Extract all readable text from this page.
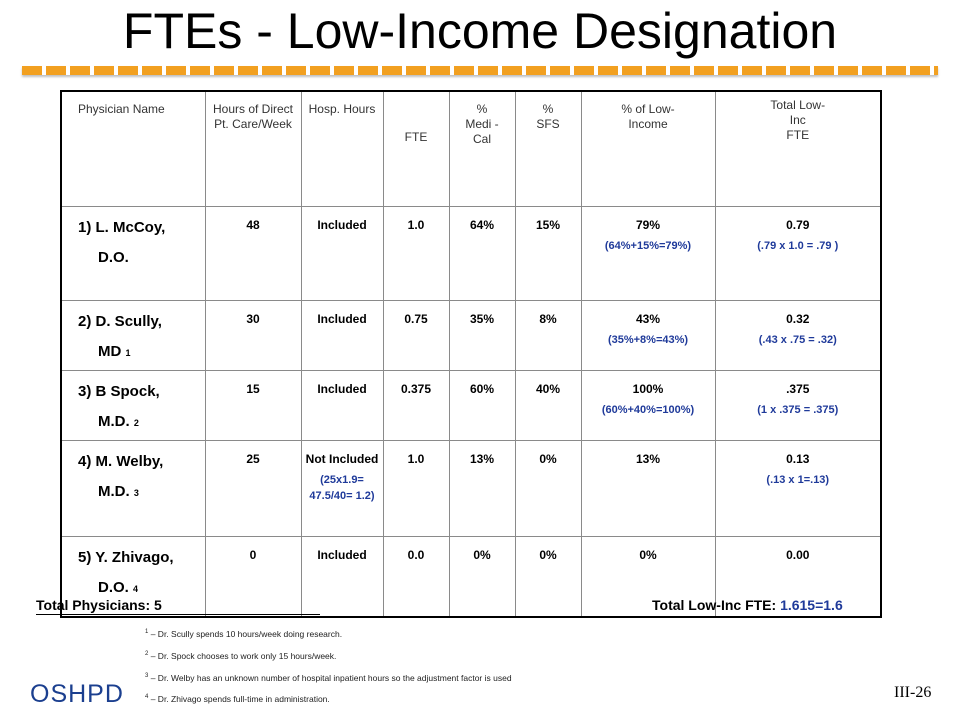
FTEs - Low-Income Designation
Physician Name	Hours of Direct Pt. Care/Week	Hosp. Hours	FTE	%
Medi -
Cal	%
SFS	% of Low-
Income	Total Low-
Inc
FTE
1) L. McCoy,
D.O.	48	Included	1.0	64%	15%	79%
(64%+15%=79%)	0.79
(.79 x 1.0 = .79 )

2) D. Scully,
MD 1	30	Included	0.75	35%	8%	43%
(35%+8%=43%)	0.32
(.43 x .75 = .32)

3) B Spock,
M.D. 2	15	Included	0.375	60%	40%	100%
(60%+40%=100%)	.375
(1 x .375 = .375)

4) M. Welby,
M.D. 3	25	Not Included
(25x1.9= 47.5/40= 1.2)	1.0	13%	0%	13%	0.13
(.13 x 1=.13)

5) Y. Zhivago,
D.O. 4	0	Included	0.0	0%	0%	0%	0.00
Total Physicians: 5	Total Low-Inc FTE: 1.615=1.6
$^1$ – Dr. Scully spends 10 hours/week doing research.
$^2$ – Dr. Spock chooses to work only 15 hours/week.
$^3$ – Dr. Welby has an unknown number of hospital inpatient hours so the adjustment factor is used
$^4$ – Dr. Zhivago spends full-time in administration.
OSHPD	III-26
